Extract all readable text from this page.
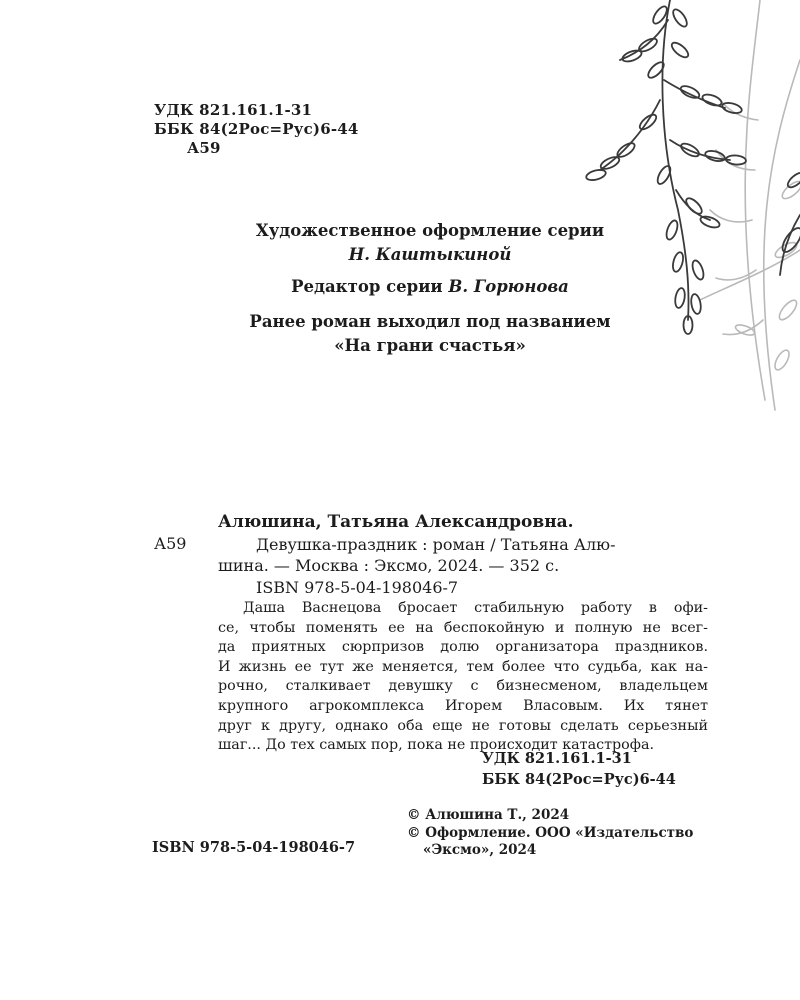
УДК 821.161.1-31
ББК 84(2Рос=Рус)6-44
А59
Художественное оформление серии
Н. Каштыкиной
Редактор серии В. Горюнова
Ранее роман выходил под названием
«На грани счастья»
А59
Алюшина, Татьяна Александровна.
Девушка-праздник : роман / Татьяна Алю-
шина. — Москва : Эксмо, 2024. — 352 с.
ISBN 978-5-04-198046-7

Даша Васнецова бросает стабильную работу в офи-
се, чтобы поменять ее на беспокойную и полную не всег-
да приятных сюрпризов долю организатора праздников.
И жизнь ее тут же меняется, тем более что судьба, как на-
рочно, сталкивает девушку с бизнесменом, владельцем
крупного агрокомплекса Игорем Власовым. Их тянет
друг к другу, однако оба еще не готовы сделать серьезный
шаг... До тех самых пор, пока не происходит катастрофа.

УДК 821.161.1-31
ББК 84(2Рос=Рус)6-44
© Алюшина Т., 2024
© Оформление. ООО «Издательство
«Эксмо», 2024
ISBN 978-5-04-198046-7
